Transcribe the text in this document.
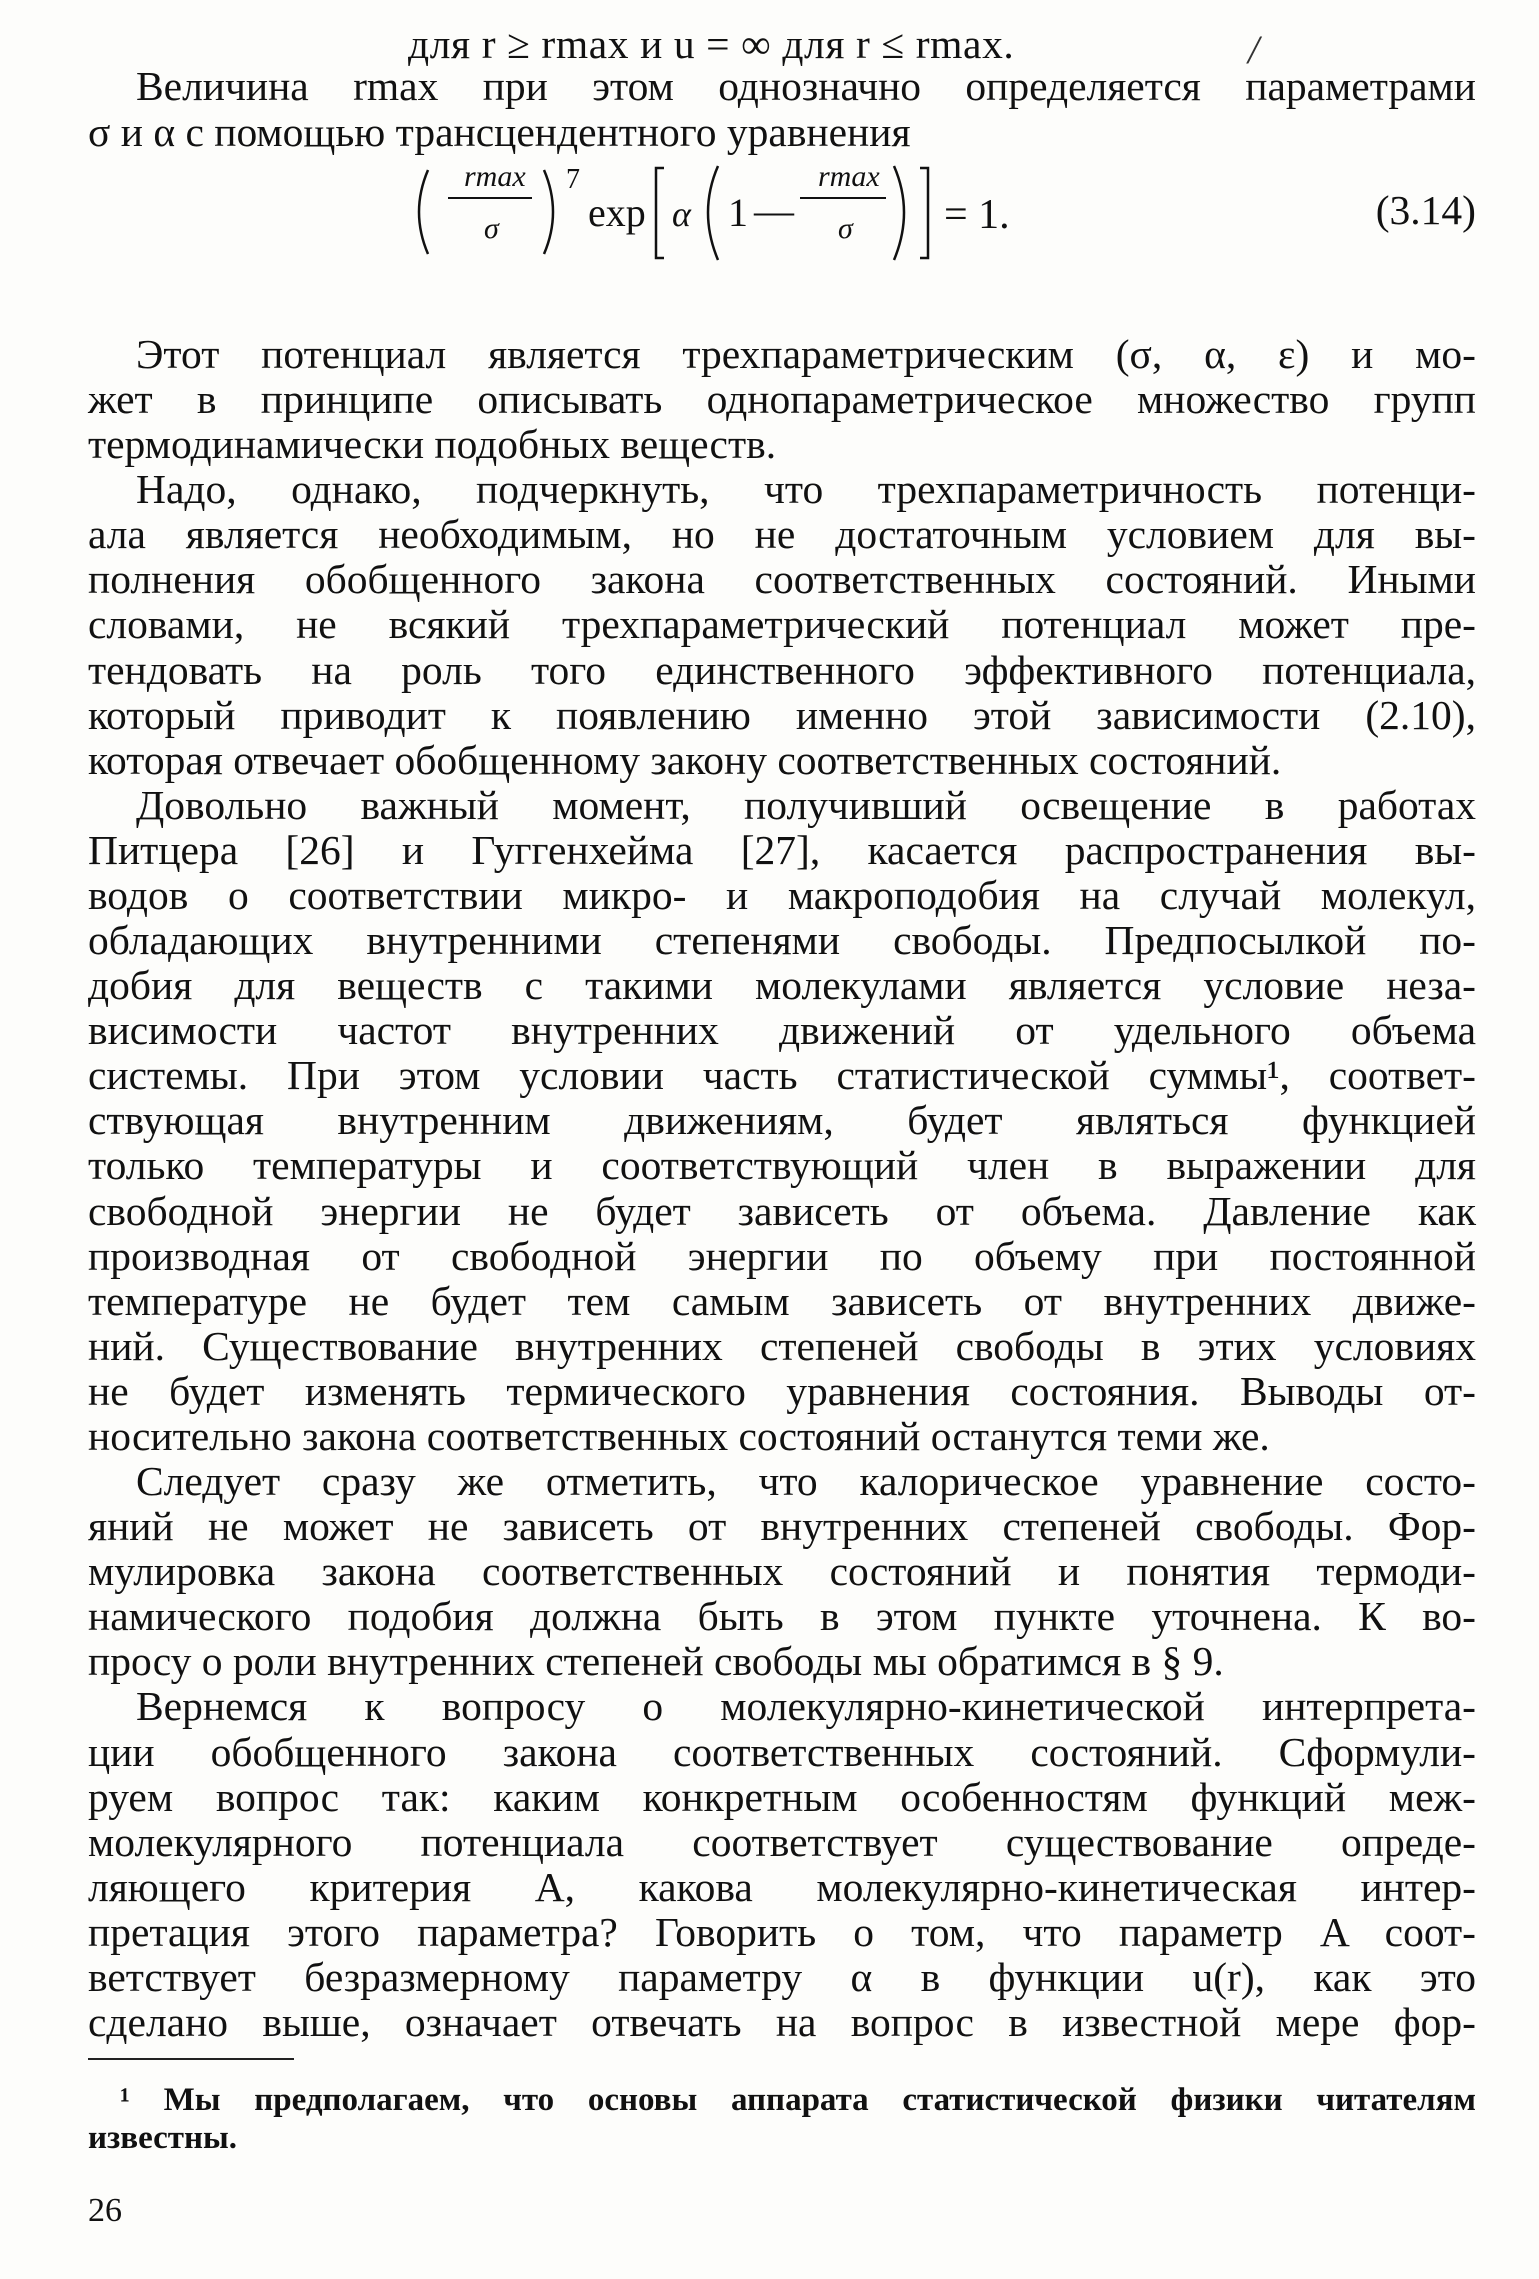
для r ≥ rmax и u = ∞ для r ≤ rmax.	/
Величина rmax при этом однозначно определяется параметрами
σ и α с помощью трансцендентного уравнения
rmax
σ
7
exp α 1 —
rmax
σ = 1.	(3.14)
Этот потенциал является трехпараметрическим (σ, α, ε) и мо-
жет в принципе описывать однопараметрическое множество групп
термодинамически подобных веществ.
Надо, однако, подчеркнуть, что трехпараметричность потенци-
ала является необходимым, но не достаточным условием для вы-
полнения обобщенного закона соответственных состояний. Иными
словами, не всякий трехпараметрический потенциал может пре-
тендовать на роль того единственного эффективного потенциала,
который приводит к появлению именно этой зависимости (2.10),
которая отвечает обобщенному закону соответственных состояний.
Довольно важный момент, получивший освещение в работах
Питцера [26] и Гуггенхейма [27], касается распространения вы-
водов о соответствии микро- и макроподобия на случай молекул,
обладающих внутренними степенями свободы. Предпосылкой по-
добия для веществ с такими молекулами является условие неза-
висимости частот внутренних движений от удельного объема
системы. При этом условии часть статистической суммы¹, соответ-
ствующая внутренним движениям, будет являться функцией
только температуры и соответствующий член в выражении для
свободной энергии не будет зависеть от объема. Давление как
производная от свободной энергии по объему при постоянной
температуре не будет тем самым зависеть от внутренних движе-
ний. Существование внутренних степеней свободы в этих условиях
не будет изменять термического уравнения состояния. Выводы от-
носительно закона соответственных состояний останутся теми же.
Следует сразу же отметить, что калорическое уравнение состо-
яний не может не зависеть от внутренних степеней свободы. Фор-
мулировка закона соответственных состояний и понятия термоди-
намического подобия должна быть в этом пункте уточнена. К во-
просу о роли внутренних степеней свободы мы обратимся в § 9.
Вернемся к вопросу о молекулярно-кинетической интерпрета-
ции обобщенного закона соответственных состояний. Сформули-
руем вопрос так: каким конкретным особенностям функций меж-
молекулярного потенциала соответствует существование опреде-
ляющего критерия A, какова молекулярно-кинетическая интер-
претация этого параметра? Говорить о том, что параметр A соот-
ветствует безразмерному параметру α в функции u(r), как это
сделано выше, означает отвечать на вопрос в известной мере фор-
¹ Мы предполагаем, что основы аппарата статистической физики читателям
известны.
26
